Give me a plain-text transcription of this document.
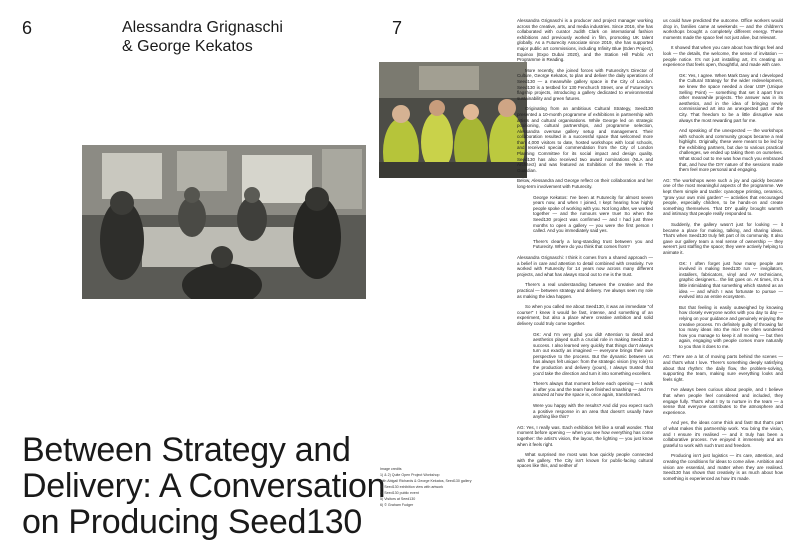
6	7
Alessandra Grignaschi
& George Kekatos
Between Strategy and
Delivery: A Conversation
on Producing Seed130
Image credits
1) & 2) Quite Open Project Workshop
with Abigail Richards & George Kekatos, Seed130 gallery
3) Seed130 exhibition view with artwork
4) Seed130 public event
5) Visitors at Seed130
6) © Graham Fudger

Alessandra Grignaschi is a producer and project manager working across the creative, arts, and media industries. Since 2016, she has collaborated with curator Judith Clark on international fashion exhibitions and previously worked in film, promoting UK talent globally. As a Futurecity Associate since 2019, she has supported major public art commissions, including Infinity Blue (Eden Project), Equinox (Expo Dubai 2020), and the Station Hill Public Art Programme in Reading.

More recently, she joined forces with Futurecity's Director of Culture, George Kekatos, to plan and deliver the daily operations of Seed130 — a meanwhile gallery space in the City of London. Seed130 is a testbed for 130 Fenchurch Street, one of Futurecity's flagship projects, introducing a gallery dedicated to environmental sustainability and green futures.

Originating from an ambitious Cultural Strategy, Seed130 presented a 10-month programme of exhibitions in partnership with artists and cultural organisations. While George led on strategic positioning, cultural partnerships, and programme selection, Alessandra oversaw gallery setup and management. Their collaboration resulted in a successful space that welcomed more than 4,000 visitors to date, hosted workshops with local schools, and received special commendation from the City of London Planning Committee for its social impact and design quality. Seed130 has also received two award nominations (NLA and Architect) and was featured as Exhibition of the Week in The Guardian.

Below, Alessandra and George reflect on their collaboration and her long-term involvement with Futurecity.

George Kekatos: I've been at Futurecity for almost seven years now, and when I joined, I kept hearing how highly people spoke of working with you. Not long after, we worked together — and the rumours were true! So when the Seed130 project was confirmed — and I had just three months to open a gallery — you were the first person I called. And you immediately said yes.

There's clearly a long-standing trust between you and Futurecity. Where do you think that comes from?

Alessandra Grignaschi: I think it comes from a shared approach — a belief in care and attention to detail combined with creativity. I've worked with Futurecity for 14 years now across many different projects, and what has always stood out to me is the trust.

There's a real understanding between the creative and the practical — between strategy and delivery. I've always seen my role as making the idea happen.

So when you called me about Seed130, it was an immediate "of course!" I knew it would be fast, intense, and something of an experiment, but also a place where creative ambition and solid delivery could truly come together.

GK: And I'm very glad you did! Attention to detail and aesthetics played such a crucial role in making Seed130 a success. I also learned very quickly that things don't always turn out exactly as imagined — everyone brings their own perspective to the process. But the dynamic between us has always felt unique: from the strategic vision (my role) to the production and delivery (yours), I always trusted that you'd take the direction and turn it into something excellent.

There's always that moment before each opening — I walk in after you and the team have finished smashing — and I'm amazed at how the space is, once again, transformed.

Were you happy with the results? And did you expect such a positive response in an area that doesn't usually have anything like this?

AG: Yes, I really was. Each exhibition felt like a small wonder. That moment before opening — when you see how everything has come together: the artist's vision, the layout, the lighting — you just know when it feels right.

What surprised me most was how quickly people connected with the gallery. The City isn't known for public-facing cultural spaces like this, and neither of

us could have predicted the outcome. Office workers would drop in, families came at weekends — and the children's workshops brought a completely different energy. These moments made the space feel not just alive, but relevant.

It showed that when you care about how things feel and look — the details, the welcome, the sense of invitation — people notice. It's not just installing art, it's creating an experience that feels open, thoughtful, and made with care.

GK: Yes, I agree. When Mark Davy and I developed the Cultural Strategy for the wider redevelopment, we knew the space needed a clear USP (Unique Selling Point) — something that set it apart from other meanwhile projects. The answer was in its aesthetics, and in the idea of bringing newly commissioned art into an unexpected part of the City. That freedom to be a little disruptive was always the most rewarding part for me.

And speaking of the unexpected — the workshops with schools and community groups became a real highlight. Originally, these were meant to be led by the exhibiting partners, but due to various practical challenges, we ended up taking them on ourselves. What stood out to me was how much you embraced that, and how the DIY nature of the sessions made them feel more personal and engaging.

AG: The workshops were such a joy and quickly became one of the most meaningful aspects of the programme. We kept them simple and tactile: cyanotype printing, ceramics, "grow your own mini garden" — activities that encouraged people, especially children, to be hands-on and create something themselves. That DIY quality brought warmth and intimacy that people really responded to.

Suddenly, the gallery wasn't just for looking — it became a place for making, talking, and sharing ideas. That's when Seed130 truly felt part of its community. It also gave our gallery team a real sense of ownership — they weren't just staffing the space; they were actively helping to animate it.

GK: I often forget just how many people are involved in making Seed130 run — invigilators, installers, fabricators, vinyl and AV technicians, graphic designers... the list goes on. At times, it's a little intimidating that something which started as an idea — and which I was fortunate to pursue — evolved into an entire ecosystem.

But that feeling is easily outweighed by knowing how closely everyone works with you day to day — relying on your guidance and genuinely enjoying the creative process. I'm definitely guilty of throwing far too many ideas into the mix! I've often wondered how you manage to keep it all moving — but then again, engaging with people comes more naturally to you than it does to me.

AG: There are a lot of moving parts behind the scenes — and that's what I love. There's something deeply satisfying about that rhythm: the daily flow, the problem-solving, supporting the team, making sure everything looks and feels right.

I've always been curious about people, and I believe that when people feel considered and included, they engage fully. That's what I try to nurture in the team — a sense that everyone contributes to the atmosphere and experience.

And yes, the ideas come thick and fast! But that's part of what makes this partnership work. You bring the vision, and I ensure it's realised — and it truly has been a collaborative process. I've enjoyed it immensely and am grateful to work with such trust and freedom.

Producing isn't just logistics — it's care, attention, and creating the conditions for ideas to come alive. Ambition and vision are essential, and matter when they are realised. Seed130 has shown that creativity is as much about how something is experienced as how it's made.
